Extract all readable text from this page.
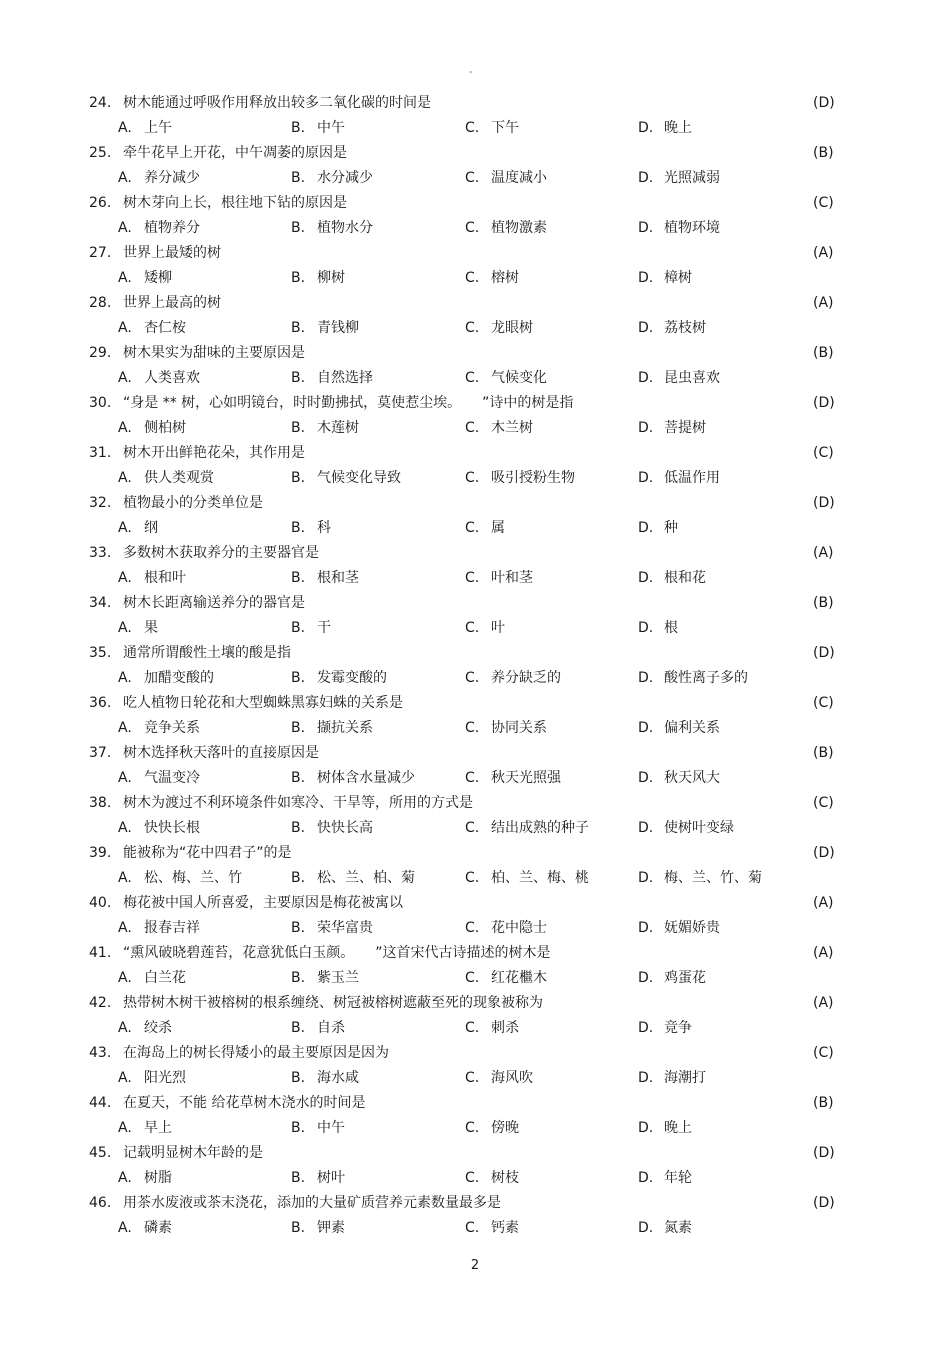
"
24. 树木能通过呼吸作用释放出较多二氧化碳的时间是	(D)
A. 上午	B. 中午	C. 下午	D. 晚上
25. 牵牛花早上开花，中午凋萎的原因是	(B)
A. 养分减少	B. 水分减少	C. 温度减小	D. 光照减弱
26. 树木芽向上长，根往地下钻的原因是	(C)
A. 植物养分	B. 植物水分	C. 植物激素	D. 植物环境
27. 世界上最矮的树	(A)
A. 矮柳	B. 柳树	C. 榕树	D. 樟树
28. 世界上最高的树	(A)
A. 杏仁桉	B. 青钱柳	C. 龙眼树	D. 荔枝树
29. 树木果实为甜味的主要原因是	(B)
A. 人类喜欢	B. 自然选择	C. 气候变化	D. 昆虫喜欢
30. “身是 ** 树，心如明镜台，时时勤拂拭，莫使惹尘埃。　　”诗中的树是指	(D)
A. 侧柏树	B. 木莲树	C. 木兰树	D. 菩提树
31. 树木开出鲜艳花朵，其作用是	(C)
A. 供人类观赏	B. 气候变化导致	C. 吸引授粉生物	D. 低温作用
32. 植物最小的分类单位是	(D)
A. 纲	B. 科	C. 属	D. 种
33. 多数树木获取养分的主要器官是	(A)
A. 根和叶	B. 根和茎	C. 叶和茎	D. 根和花
34. 树木长距离输送养分的器官是	(B)
A. 果	B. 干	C. 叶	D. 根
35. 通常所谓酸性土壤的酸是指	(D)
A. 加醋变酸的	B. 发霉变酸的	C. 养分缺乏的	D. 酸性离子多的
36. 吃人植物日轮花和大型蜘蛛黑寡妇蛛的关系是	(C)
A. 竞争关系	B. 撷抗关系	C. 协同关系	D. 偏利关系
37. 树木选择秋天落叶的直接原因是	(B)
A. 气温变冷	B. 树体含水量减少	C. 秋天光照强	D. 秋天风大
38. 树木为渡过不利环境条件如寒冷、干旱等，所用的方式是	(C)
A. 快快长根	B. 快快长高	C. 结出成熟的种子	D. 使树叶变绿
39. 能被称为“花中四君子”的是	(D)
A. 松、梅、兰、竹	B. 松、兰、柏、菊	C. 柏、兰、梅、桃	D. 梅、兰、竹、菊
40. 梅花被中国人所喜爱，主要原因是梅花被寓以	(A)
A. 报春吉祥	B. 荣华富贵	C. 花中隐士	D. 妩媚娇贵
41. “熏风破晓碧莲苔，花意犹低白玉颜。　　”这首宋代古诗描述的树木是	(A)
A. 白兰花	B. 紫玉兰	C. 红花檵木	D. 鸡蛋花
42. 热带树木树干被榕树的根系缠绕、树冠被榕树遮蔽至死的现象被称为	(A)
A. 绞杀	B. 自杀	C. 刺杀	D. 竞争
43. 在海岛上的树长得矮小的最主要原因是因为	(C)
A. 阳光烈	B. 海水咸	C. 海风吹	D. 海潮打
44. 在夏天，不能 给花草树木浇水的时间是	(B)
A. 早上	B. 中午	C. 傍晚	D. 晚上
45. 记载明显树木年龄的是	(D)
A. 树脂	B. 树叶	C. 树枝	D. 年轮
46. 用茶水废液或茶末浇花，添加的大量矿质营养元素数量最多是	(D)
A. 磷素	B. 钾素	C. 钙素	D. 氮素
2
